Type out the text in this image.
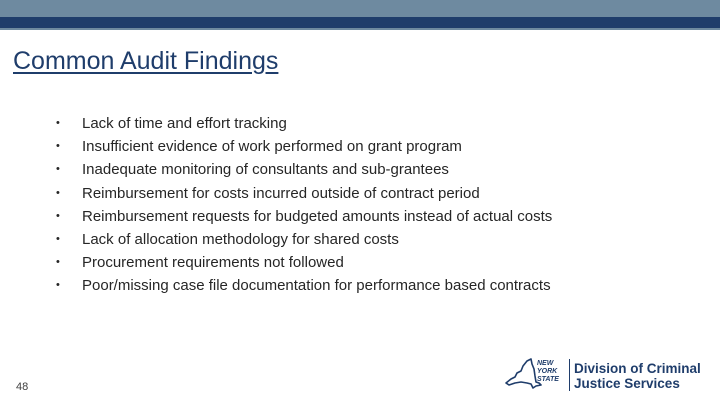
Common Audit Findings
• Lack of time and effort tracking
• Insufficient evidence of work performed on grant program
• Inadequate monitoring of consultants and sub-grantees
• Reimbursement for costs incurred outside of contract period
• Reimbursement requests for budgeted amounts instead of actual costs
• Lack of allocation methodology for shared costs
• Procurement requirements not followed
• Poor/missing case file documentation for performance based contracts
48
NEW
YORK
STATE
Division of Criminal
Justice Services
